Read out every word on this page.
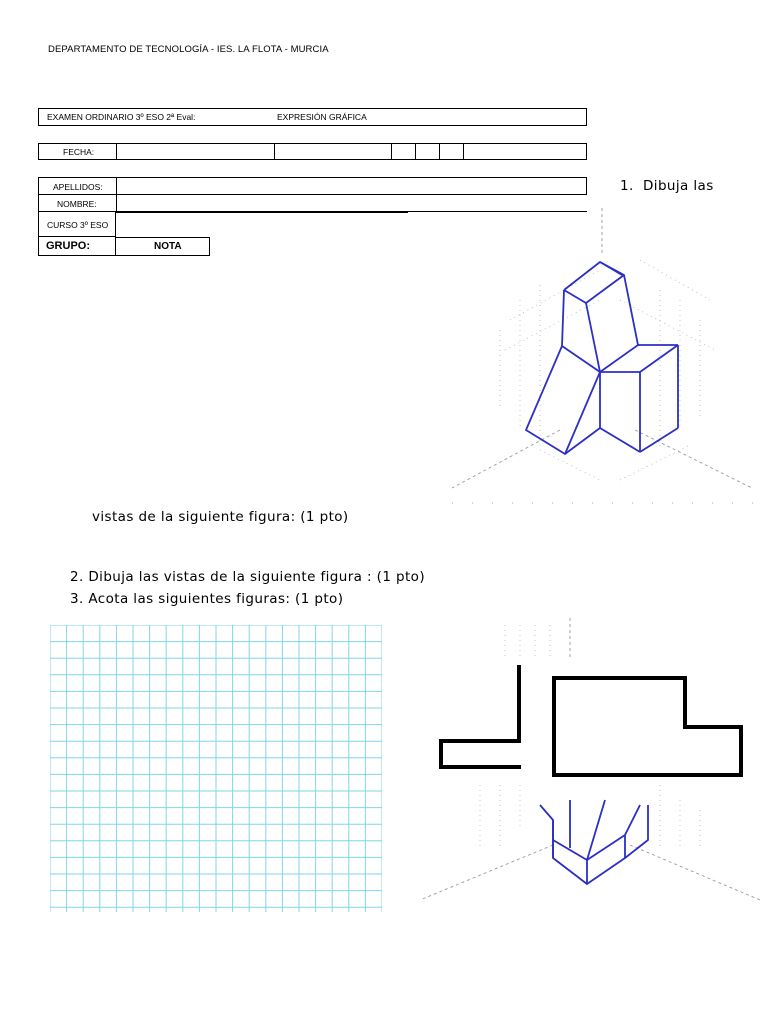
DEPARTAMENTO DE TECNOLOGÍA - IES. LA FLOTA - MURCIA
EXAMEN ORDINARIO 3º ESO 2ª Eval:	EXPRESIÓN GRÁFICA
FECHA:
APELLIDOS:
NOMBRE:
CURSO 3º ESO
GRUPO:	NOTA
1. Dibuja las
vistas de la siguiente figura: (1 pto)
2. Dibuja las vistas de la siguiente figura : (1 pto)
3. Acota las siguientes figuras: (1 pto)
